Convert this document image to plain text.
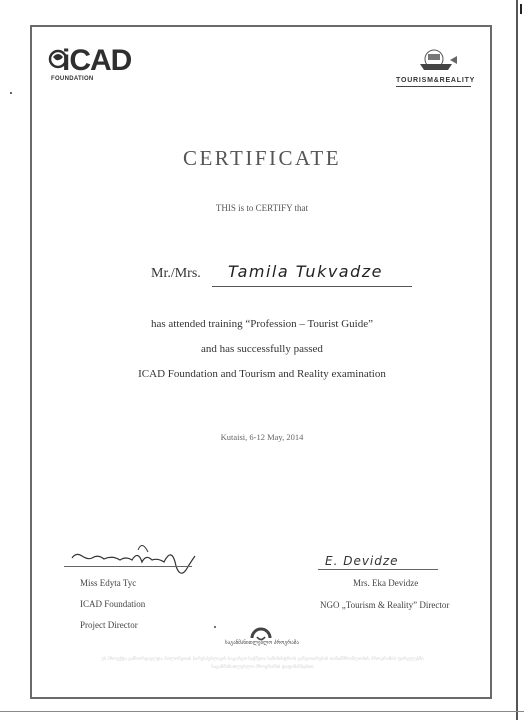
iCAD
FOUNDATION	TOURISM&REALITY
CERTIFICATE
THIS is to CERTIFY that
Mr./Mrs. Tamila Tukvadze
has attended training “Profession – Tourist Guide”
and has successfully passed
ICAD Foundation and Tourism and Reality examination
Kutaisi, 6-12 May, 2014
E. Devidze
Miss Edyta Tyc
ICAD Foundation
Project Director
Mrs. Eka Devidze
NGO „Tourism & Reality” Director
საგანმანითლებლო პროგრამა
ეს პროექტი განხორციელდა პოლონეთის სარესპუბლიკის საგარეო საქმეთა სამინისტროს განვითარების თანამშრომლობის პროგრამის ფარგლებში საგანმანითლებლო პროგრამის დაფინანსებით
